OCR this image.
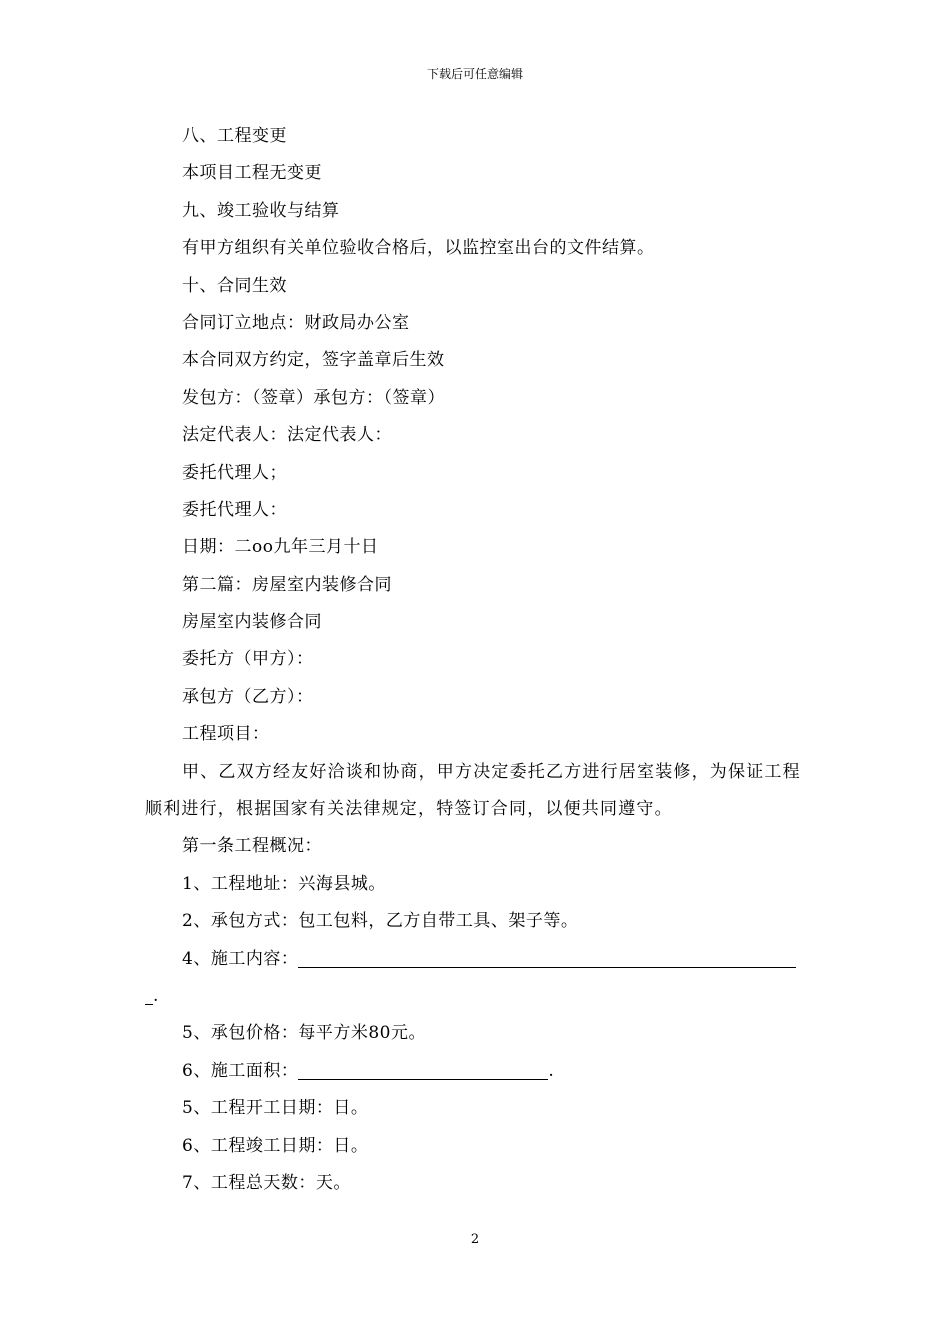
下载后可任意编辑
八、工程变更
本项目工程无变更
九、竣工验收与结算
有甲方组织有关单位验收合格后，以监控室出台的文件结算。
十、合同生效
合同订立地点：财政局办公室
本合同双方约定，签字盖章后生效
发包方：（签章）承包方：（签章）
法定代表人：法定代表人：
委托代理人；
委托代理人：
日期：二oo九年三月十日
第二篇：房屋室内装修合同
房屋室内装修合同
委托方（甲方）：
承包方（乙方）：
工程项目：
甲、乙双方经友好洽谈和协商，甲方决定委托乙方进行居室装修，为保证工程顺利进行，根据国家有关法律规定，特签订合同，以便共同遵守。
第一条工程概况：
1、工程地址：兴海县城。
2、承包方式：包工包料，乙方自带工具、架子等。
4、施工内容：
.
5、承包价格：每平方米80元。
6、施工面积：	.
5、工程开工日期：日。
6、工程竣工日期：日。
7、工程总天数：天。
2
